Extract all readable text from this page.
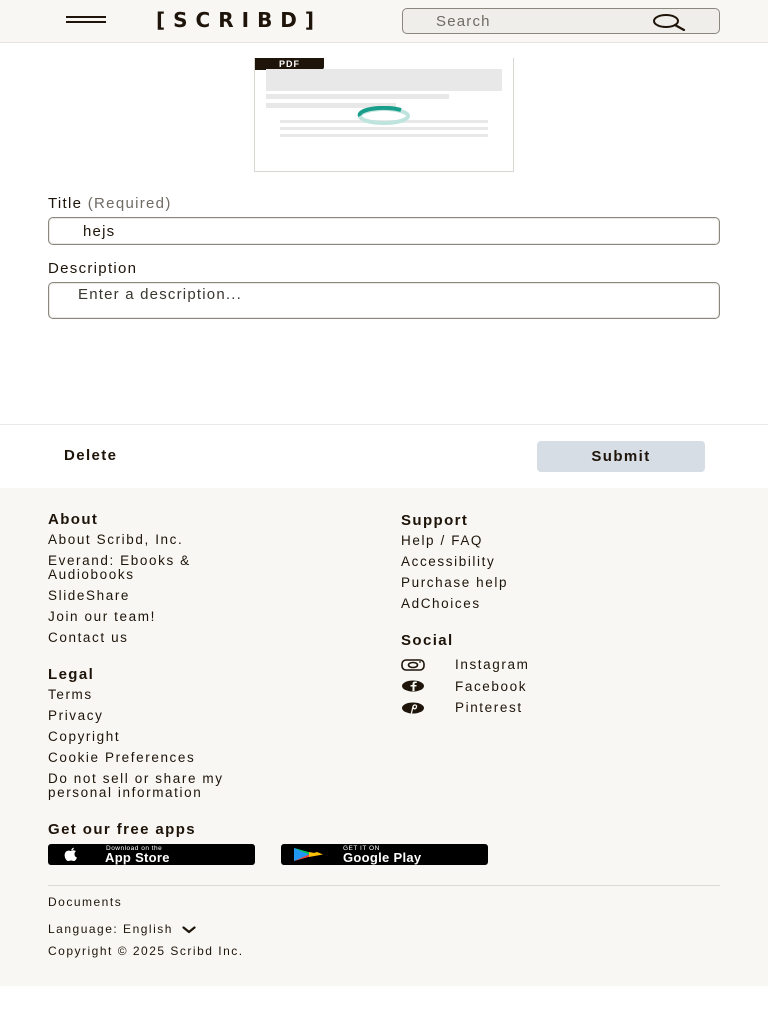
[SCRIBD]
Search
PDF
Title (Required)
hejs
Description
Enter a description...
Delete	Submit
About
About Scribd, Inc.
Everand: Ebooks &
Audiobooks
SlideShare
Join our team!
Contact us
Legal
Terms
Privacy
Copyright
Cookie Preferences
Do not sell or share my
personal information
Support
Help / FAQ
Accessibility
Purchase help
AdChoices
Social
Instagram
Facebook
Pinterest
Get our free apps
Download on the
App Store
GET IT ON
Google Play
Documents
Language: English
Copyright © 2025 Scribd Inc.
